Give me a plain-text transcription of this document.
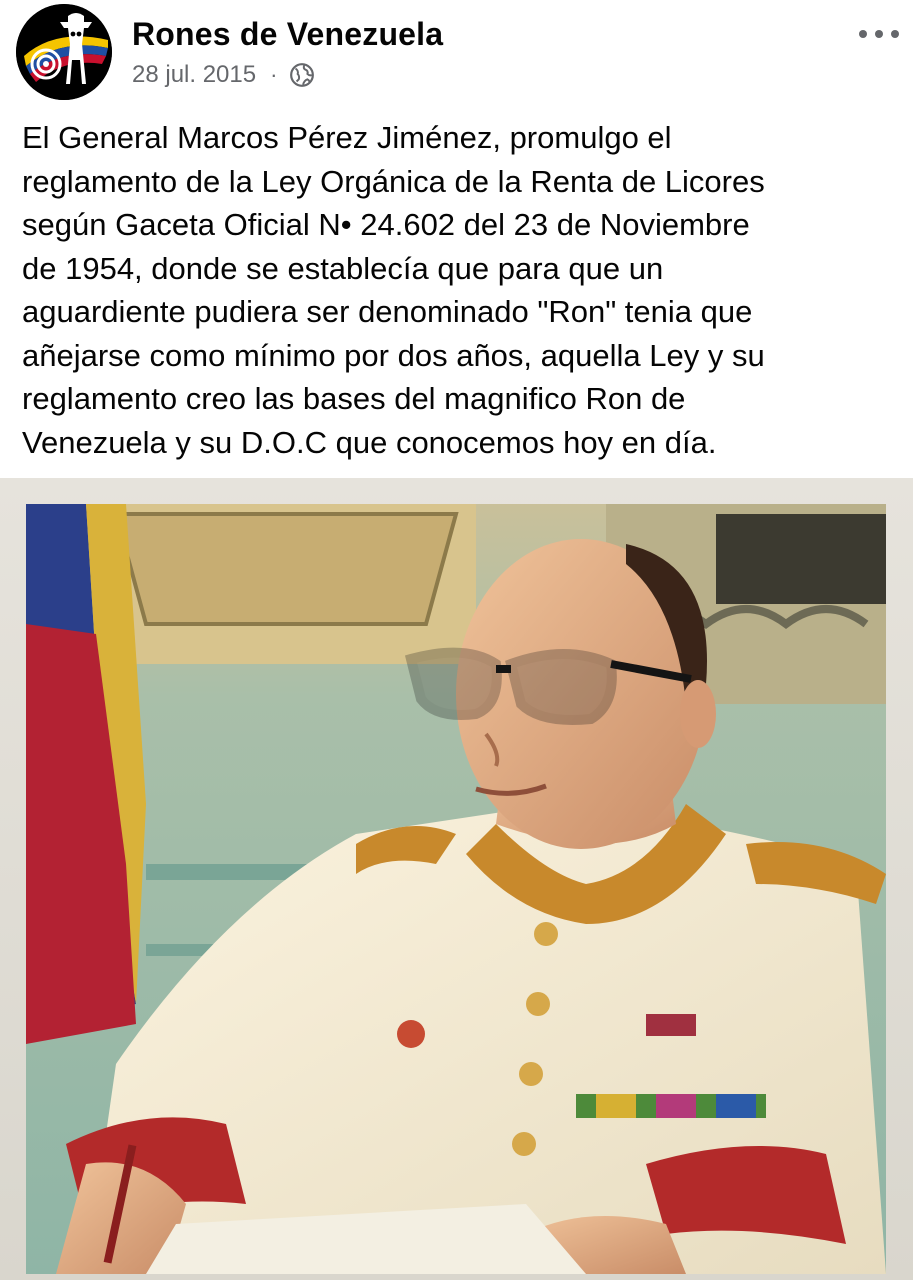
Rones de Venezuela
28 jul. 2015 ·
El General Marcos Pérez Jiménez, promulgo el
reglamento de la Ley Orgánica de la Renta de Licores
según Gaceta Oficial N• 24.602 del 23 de Noviembre
de 1954, donde se establecía que para que un
aguardiente pudiera ser denominado "Ron" tenia que
añejarse como mínimo por dos años, aquella Ley y su
reglamento creo las bases del magnifico Ron de
Venezuela y su D.O.C que conocemos hoy en día.
